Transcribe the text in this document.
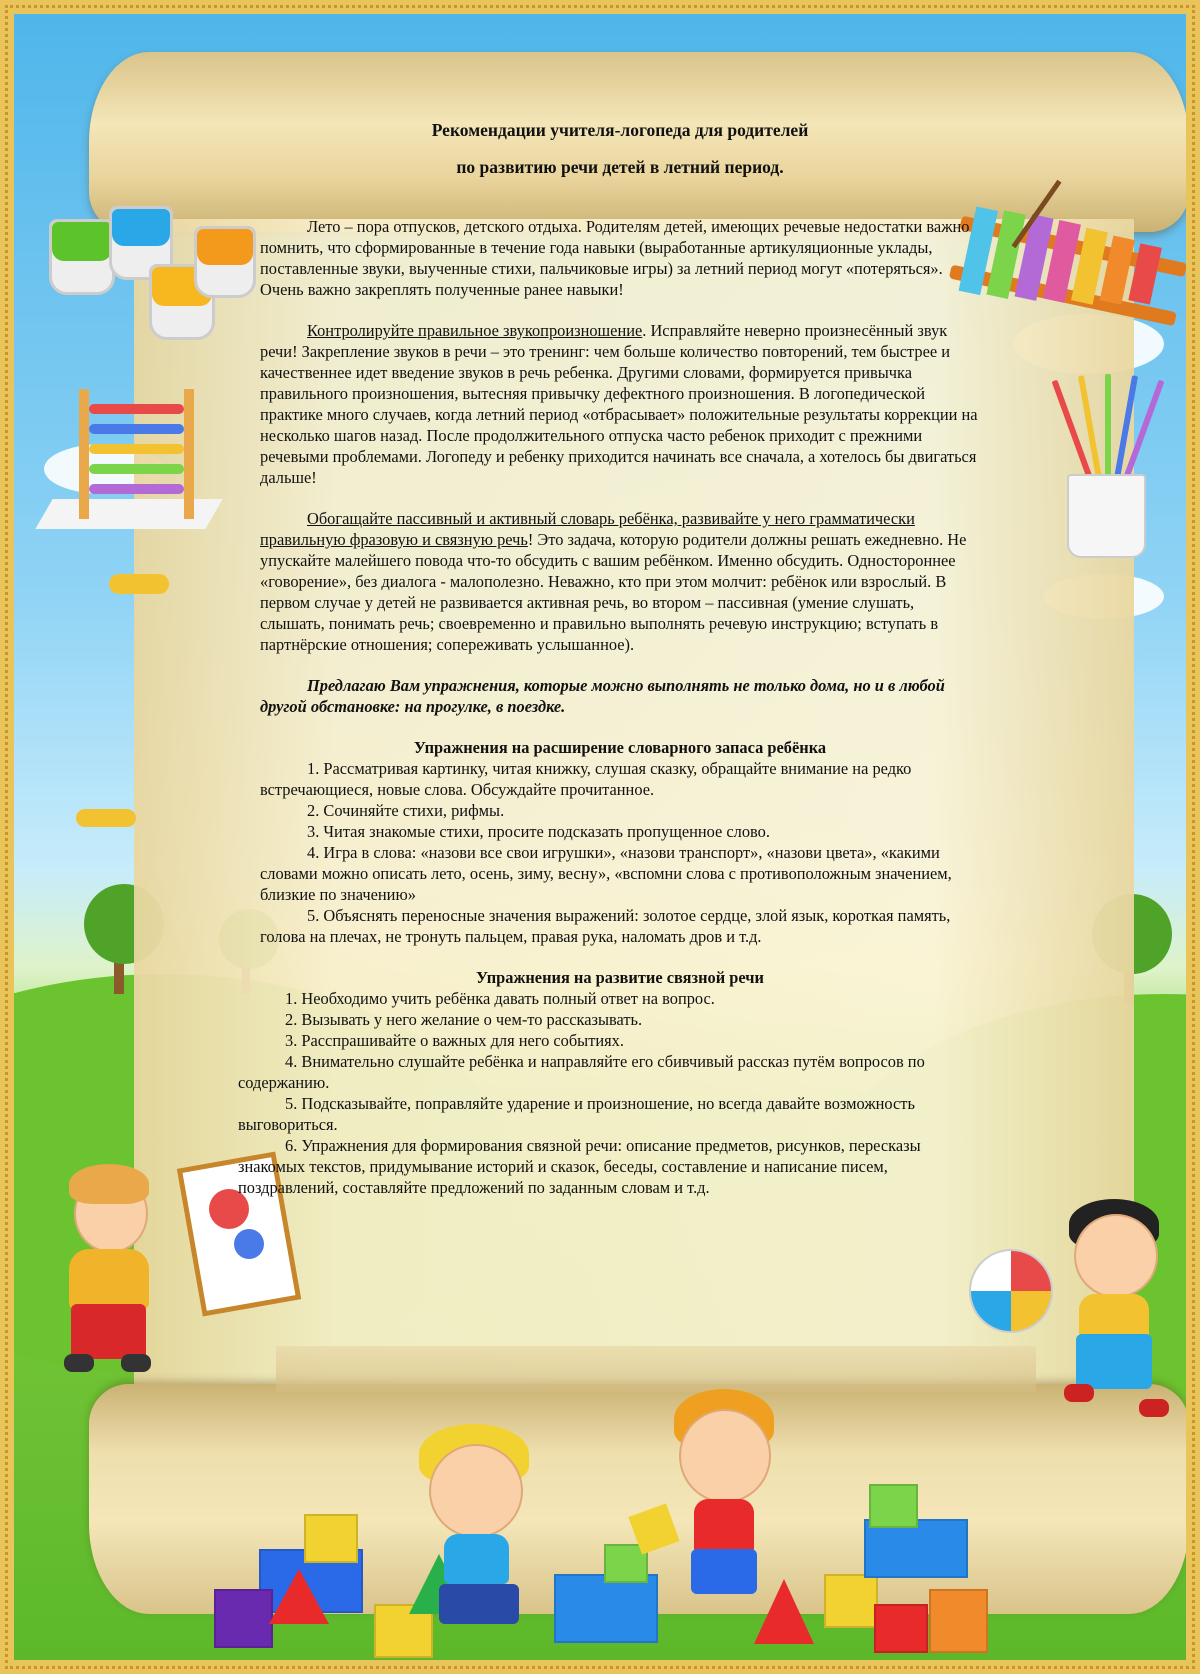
Рекомендации учителя-логопеда для родителей

по развитию речи детей в летний период.

Лето – пора отпусков, детского отдыха. Родителям детей, имеющих речевые недостатки важно помнить, что сформированные в течение года навыки (выработанные артикуляционные уклады, поставленные звуки, выученные стихи, пальчиковые игры) за летний период могут «потеряться». Очень важно закреплять полученные ранее навыки!

Контролируйте правильное звукопроизношение. Исправляйте неверно произнесённый звук речи! Закрепление звуков в речи – это тренинг: чем больше количество повторений, тем быстрее и качественнее идет введение звуков в речь ребенка. Другими словами, формируется привычка правильного произношения, вытесняя привычку дефектного произношения. В логопедической практике много случаев, когда летний период «отбрасывает» положительные результаты коррекции на несколько шагов назад. После продолжительного отпуска часто ребенок приходит с прежними речевыми проблемами. Логопеду и ребенку приходится начинать все сначала, а хотелось бы двигаться дальше!

Обогащайте пассивный и активный словарь ребёнка, развивайте у него грамматически правильную фразовую и связную речь! Это задача, которую родители должны решать ежедневно. Не упускайте малейшего повода что-то обсудить с вашим ребёнком. Именно обсудить. Одностороннее «говорение», без диалога - малополезно. Неважно, кто при этом молчит: ребёнок или взрослый. В первом случае у детей не развивается активная речь, во втором – пассивная (умение слушать, слышать, понимать речь; своевременно и правильно выполнять речевую инструкцию; вступать в партнёрские отношения; сопереживать услышанное).

Предлагаю Вам упражнения, которые можно выполнять не только дома, но и в любой другой обстановке: на прогулке, в поездке.

Упражнения на расширение словарного запаса ребёнка

1. Рассматривая картинку, читая книжку, слушая сказку, обращайте внимание на редко встречающиеся, новые слова. Обсуждайте прочитанное.

2. Сочиняйте стихи, рифмы.

3. Читая знакомые стихи, просите подсказать пропущенное слово.

4. Игра в слова: «назови все свои игрушки», «назови транспорт», «назови цвета», «какими словами можно описать лето, осень, зиму, весну», «вспомни слова с противоположным значением, близкие по значению»

5. Объяснять переносные значения выражений: золотое сердце, злой язык, короткая память, голова на плечах, не тронуть пальцем, правая рука, наломать дров и т.д.

Упражнения на развитие связной речи

1. Необходимо учить ребёнка давать полный ответ на вопрос.

2. Вызывать у него желание о чем-то рассказывать.

3. Расспрашивайте о важных для него событиях.

4. Внимательно слушайте ребёнка и направляйте его сбивчивый рассказ путём вопросов по содержанию.

5. Подсказывайте, поправляйте ударение и произношение, но всегда давайте возможность выговориться.

6. Упражнения для формирования связной речи: описание предметов, рисунков, пересказы знакомых текстов, придумывание историй и сказок, беседы, составление и написание писем, поздравлений, составляйте предложений по заданным словам и т.д.
